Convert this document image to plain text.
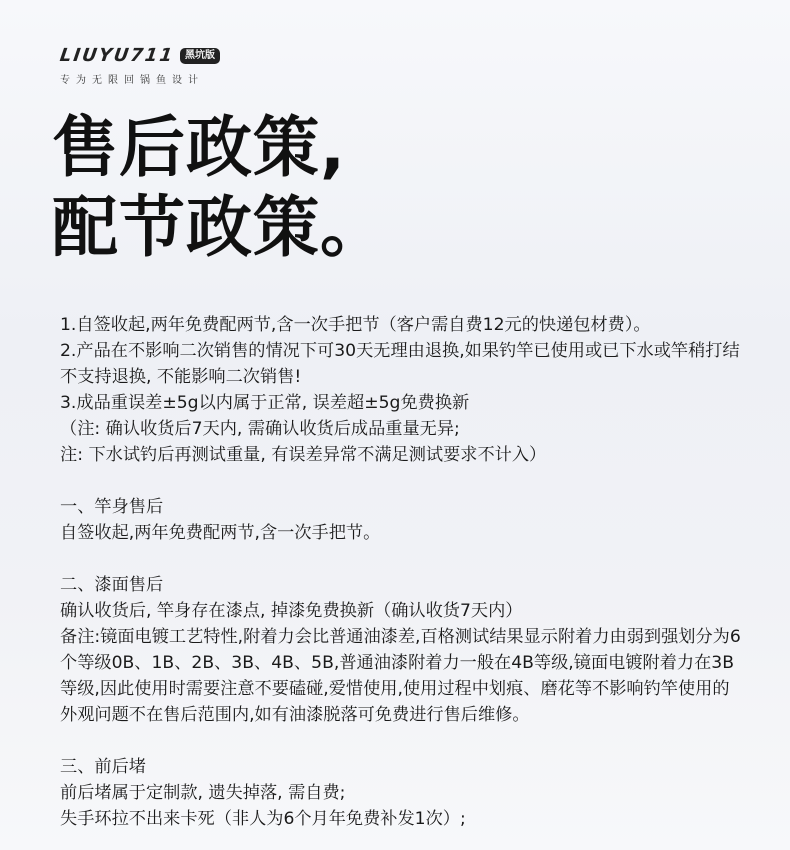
LIUYU711 黑坑版
专为无限回锅鱼设计
售后政策,
配节政策。

1.自签收起,两年免费配两节,含一次手把节（客户需自费12元的快递包材费）。

2.产品在不影响二次销售的情况下可30天无理由退换,如果钓竿已使用或已下水或竿稍打结不支持退换, 不能影响二次销售!

3.成品重误差±5g以内属于正常, 误差超±5g免费换新

（注: 确认收货后7天内, 需确认收货后成品重量无异;

注: 下水试钓后再测试重量, 有误差异常不满足测试要求不计入）

一、竿身售后

自签收起,两年免费配两节,含一次手把节。

二、漆面售后

确认收货后, 竿身存在漆点, 掉漆免费换新（确认收货7天内）

备注:镜面电镀工艺特性,附着力会比普通油漆差,百格测试结果显示附着力由弱到强划分为6个等级0B、1B、2B、3B、4B、5B,普通油漆附着力一般在4B等级,镜面电镀附着力在3B等级,因此使用时需要注意不要磕碰,爱惜使用,使用过程中划痕、磨花等不影响钓竿使用的外观问题不在售后范围内,如有油漆脱落可免费进行售后维修。

三、前后堵

前后堵属于定制款, 遗失掉落, 需自费;

失手环拉不出来卡死（非人为6个月年免费补发1次）;
